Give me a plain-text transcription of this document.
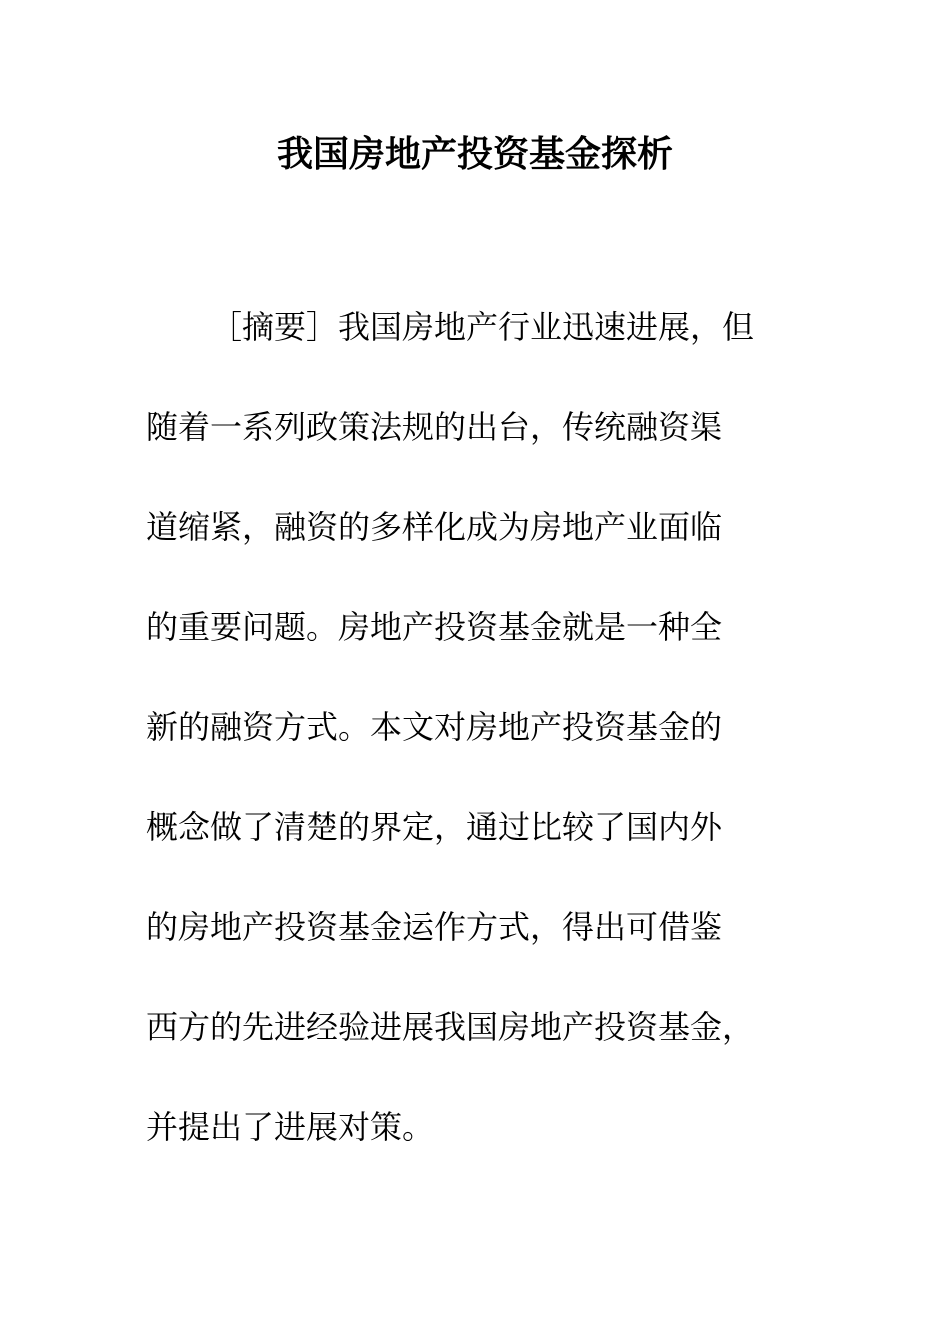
我国房地产投资基金探析
［摘要］我国房地产行业迅速进展，但
随着一系列政策法规的出台，传统融资渠
道缩紧，融资的多样化成为房地产业面临
的重要问题。房地产投资基金就是一种全
新的融资方式。本文对房地产投资基金的
概念做了清楚的界定，通过比较了国内外
的房地产投资基金运作方式，得出可借鉴
西方的先进经验进展我国房地产投资基金，
并提出了进展对策。
